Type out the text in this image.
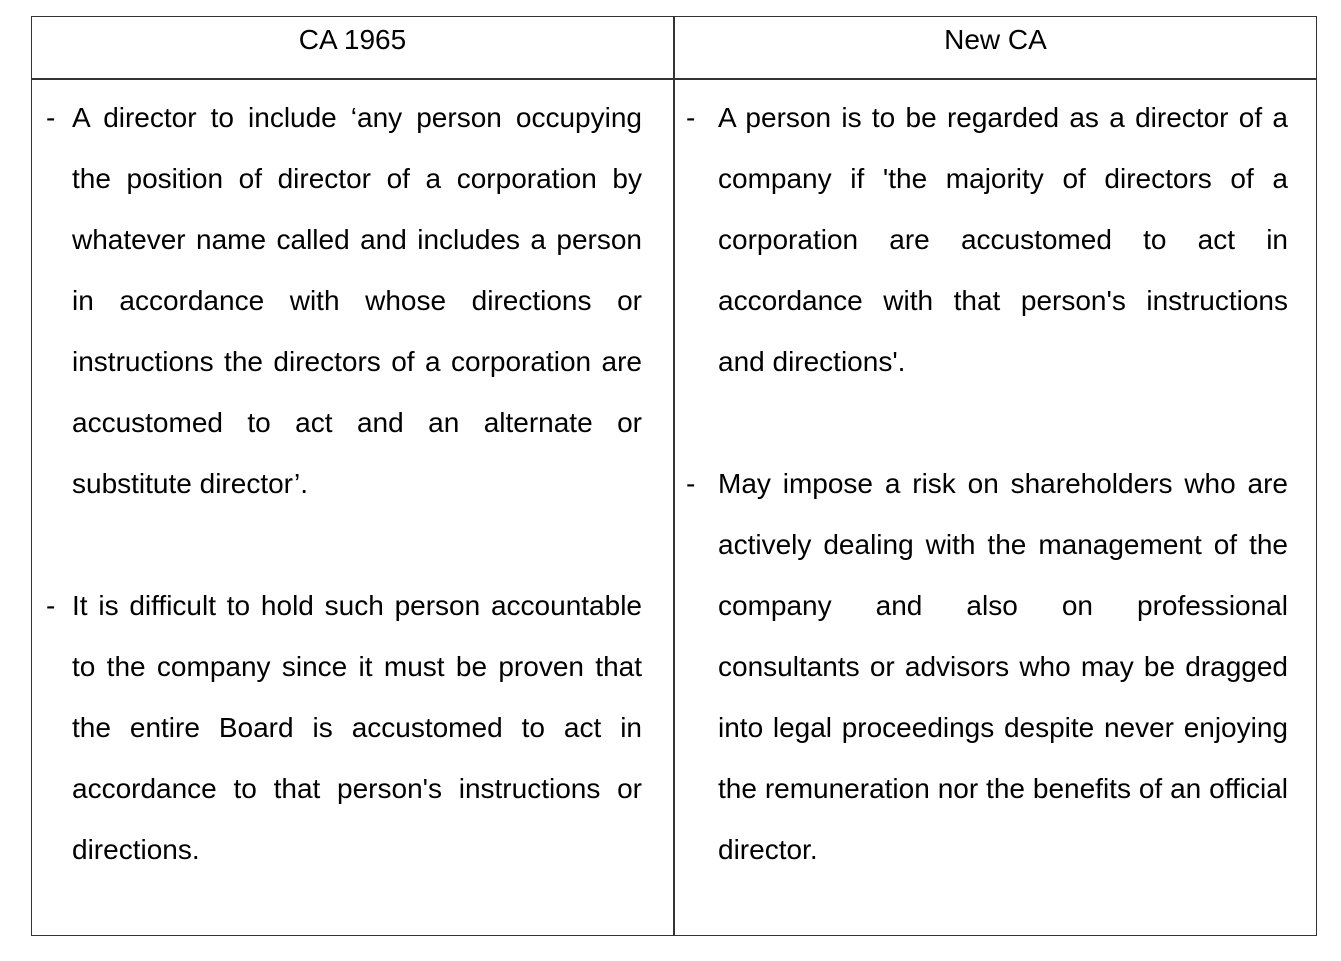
CA 1965	New CA
- A director to include ‘any person occupying the position of director of a corporation by whatever name called and includes a person in accordance with whose directions or instructions the directors of a corporation are accustomed to act and an alternate or substitute director’.
- It is difficult to hold such person accountable to the company since it must be proven that the entire Board is accustomed to act in accordance to that person's instructions or directions.
- A person is to be regarded as a director of a company if 'the majority of directors of a corporation are accustomed to act in accordance with that person's instructions and directions'.
- May impose a risk on shareholders who are actively dealing with the management of the company and also on professional consultants or advisors who may be dragged into legal proceedings despite never enjoying the remuneration nor the benefits of an official director.
